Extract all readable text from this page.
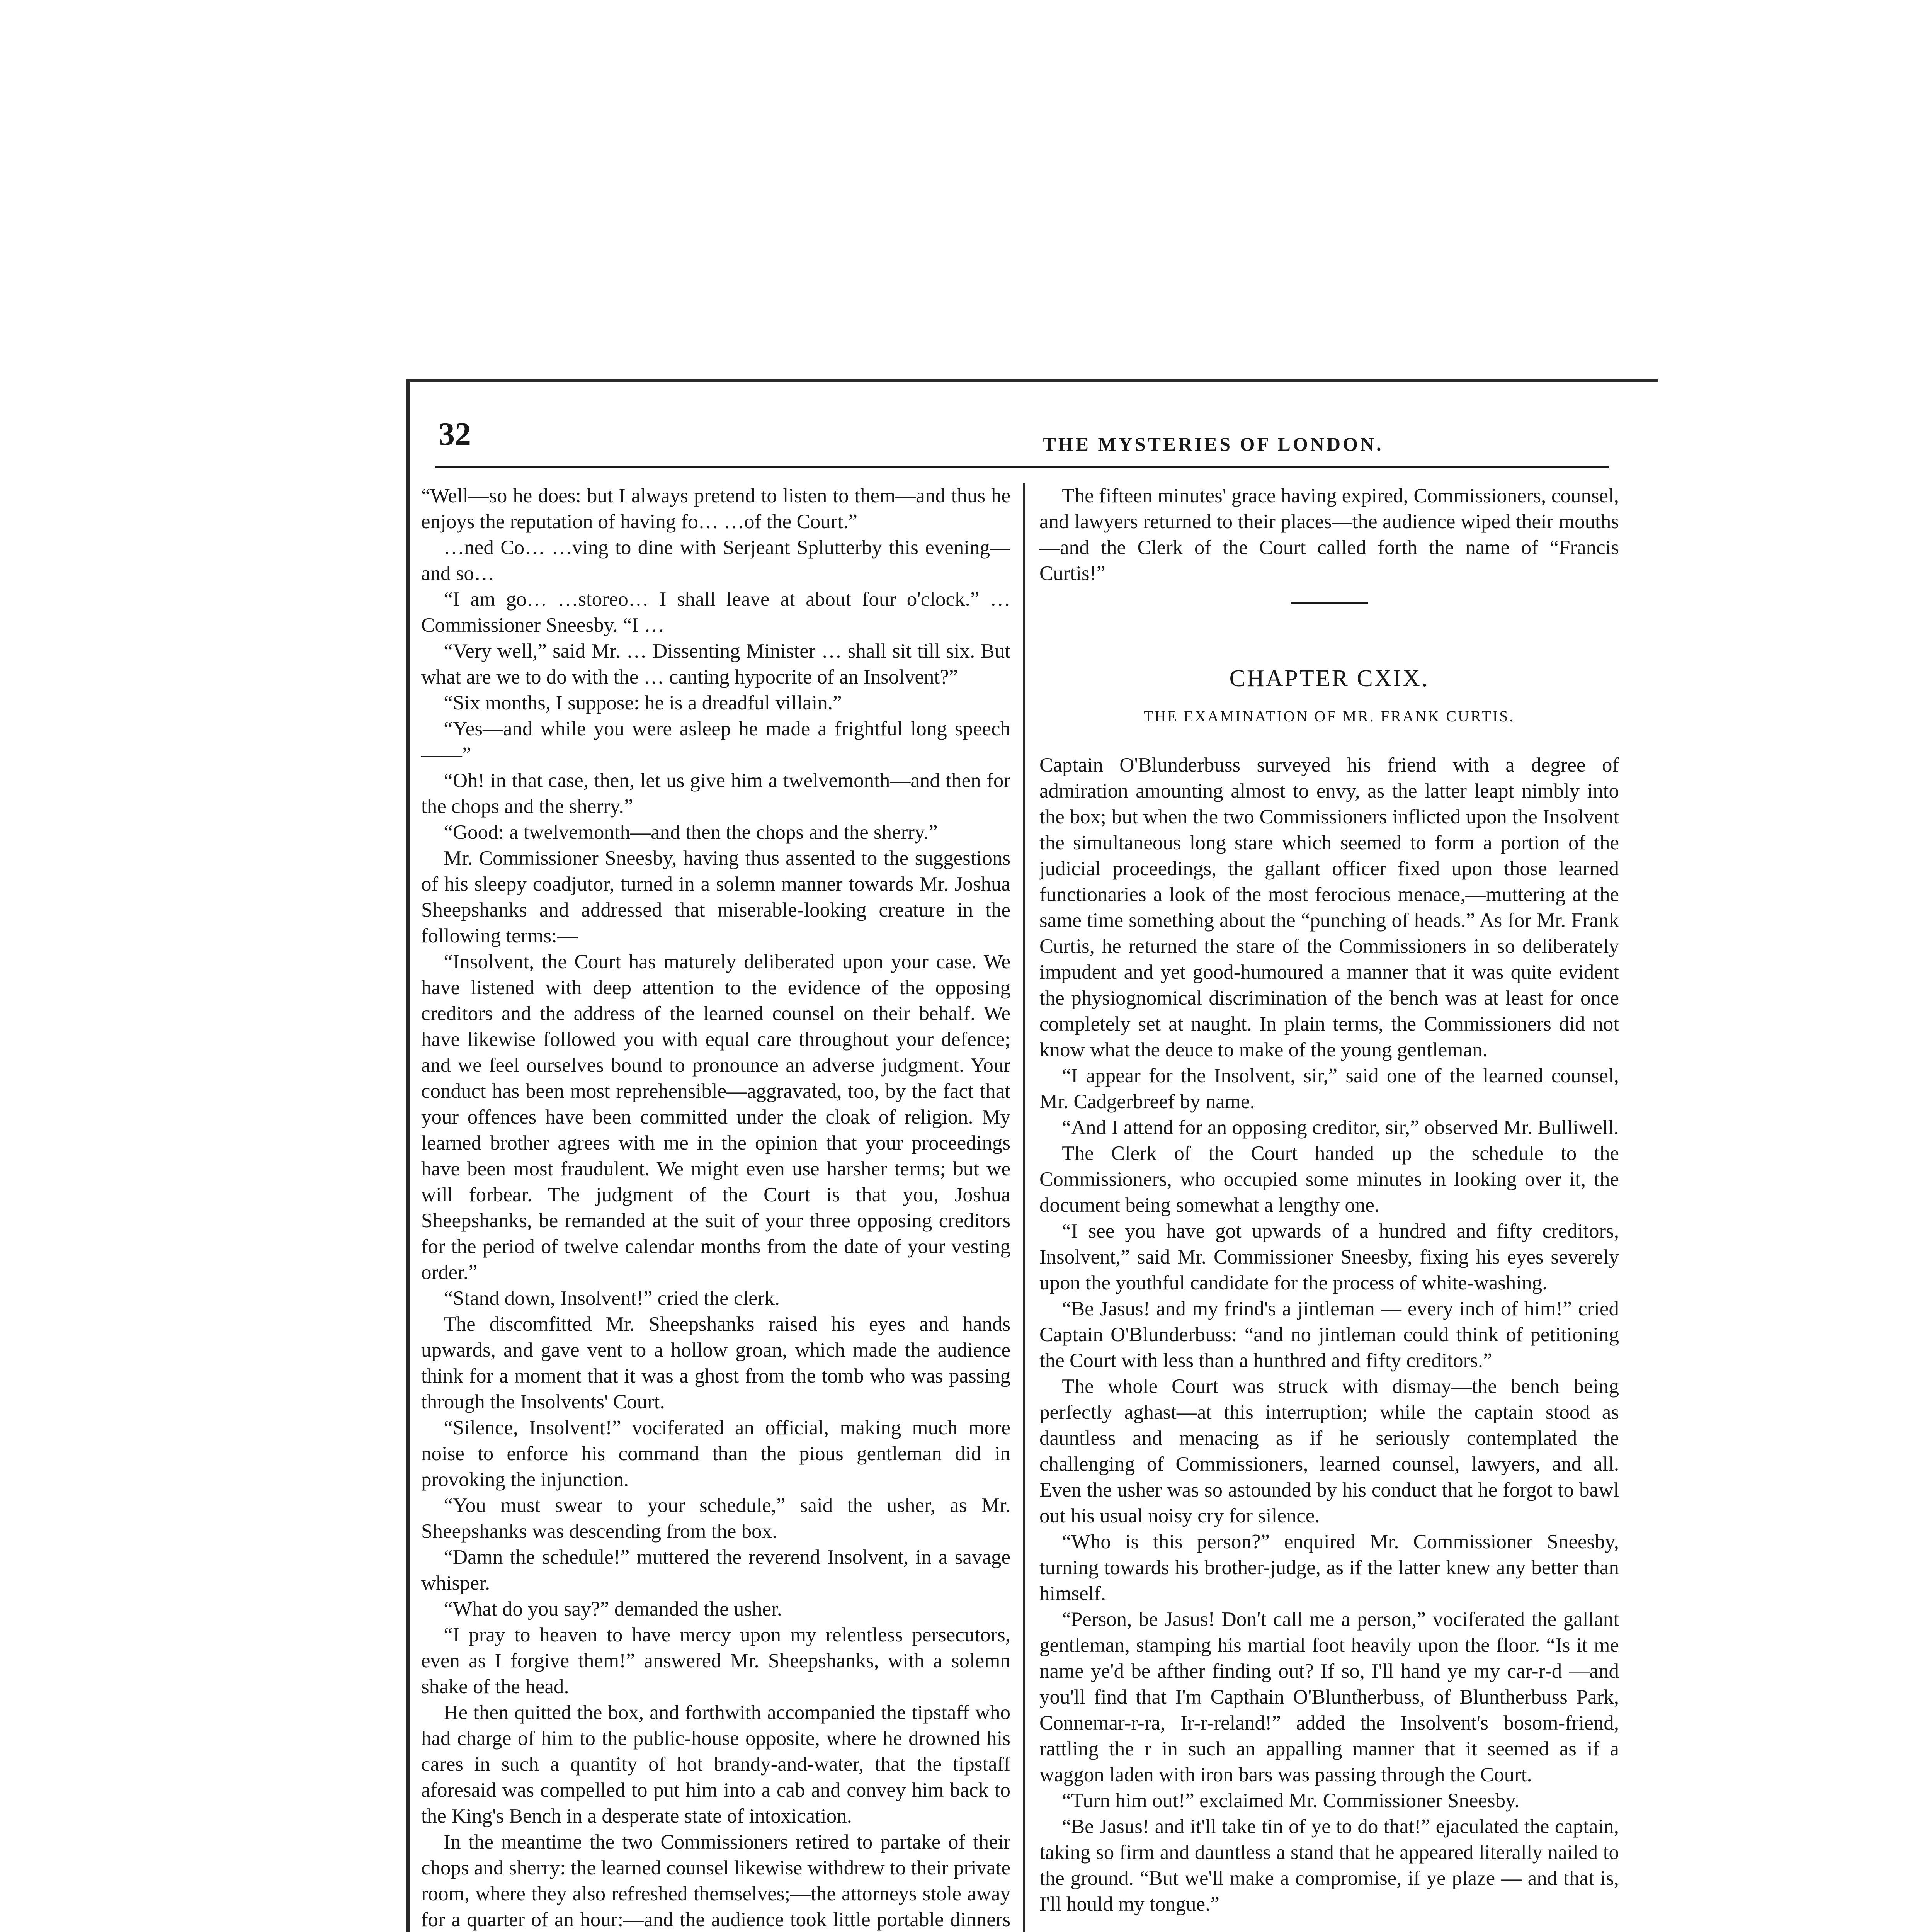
32	THE MYSTERIES OF LONDON.

“Well—so he does: but I always pretend to listen to them—and thus he enjoys the reputation of having fo… …of the Court.”

…ned Co… …ving to dine with Serjeant Splutterby this evening—and so…

“I am go… …storeo… I shall leave at about four o'clock.” …Commissioner Sneesby. “I …

“Very well,” said Mr. … Dissenting Minister … shall sit till six. But what are we to do with the … canting hypocrite of an Insolvent?”

“Six months, I suppose: he is a dreadful villain.”

“Yes—and while you were asleep he made a frightful long speech——”

“Oh! in that case, then, let us give him a twelvemonth—and then for the chops and the sherry.”

“Good: a twelvemonth—and then the chops and the sherry.”

Mr. Commissioner Sneesby, having thus assented to the suggestions of his sleepy coadjutor, turned in a solemn manner towards Mr. Joshua Sheepshanks and addressed that miserable-looking creature in the following terms:—

“Insolvent, the Court has maturely deliberated upon your case. We have listened with deep attention to the evidence of the opposing creditors and the address of the learned counsel on their behalf. We have likewise followed you with equal care throughout your defence; and we feel ourselves bound to pronounce an adverse judgment. Your conduct has been most reprehensible—aggravated, too, by the fact that your offences have been committed under the cloak of religion. My learned brother agrees with me in the opinion that your proceedings have been most fraudulent. We might even use harsher terms; but we will forbear. The judgment of the Court is that you, Joshua Sheepshanks, be remanded at the suit of your three opposing creditors for the period of twelve calendar months from the date of your vesting order.”

“Stand down, Insolvent!” cried the clerk.

The discomfitted Mr. Sheepshanks raised his eyes and hands upwards, and gave vent to a hollow groan, which made the audience think for a moment that it was a ghost from the tomb who was passing through the Insolvents' Court.

“Silence, Insolvent!” vociferated an official, making much more noise to enforce his command than the pious gentleman did in provoking the injunction.

“You must swear to your schedule,” said the usher, as Mr. Sheepshanks was descending from the box.

“Damn the schedule!” muttered the reverend Insolvent, in a savage whisper.

“What do you say?” demanded the usher.

“I pray to heaven to have mercy upon my relentless persecutors, even as I forgive them!” answered Mr. Sheepshanks, with a solemn shake of the head.

He then quitted the box, and forthwith accompanied the tipstaff who had charge of him to the public-house opposite, where he drowned his cares in such a quantity of hot brandy-and-water, that the tipstaff aforesaid was compelled to put him into a cab and convey him back to the King's Bench in a desperate state of intoxication.

In the meantime the two Commissioners retired to partake of their chops and sherry: the learned counsel likewise withdrew to their private room, where they also refreshed themselves;—the attorneys stole away for a quarter of an hour:—and the audience took little portable dinners

The fifteen minutes' grace having expired, Commissioners, counsel, and lawyers returned to their places—the audience wiped their mouths—and the Clerk of the Court called forth the name of “Francis Curtis!”

CHAPTER CXIX.
THE EXAMINATION OF MR. FRANK CURTIS.

Captain O'Blunderbuss surveyed his friend with a degree of admiration amounting almost to envy, as the latter leapt nimbly into the box; but when the two Commissioners inflicted upon the Insolvent the simultaneous long stare which seemed to form a portion of the judicial proceedings, the gallant officer fixed upon those learned functionaries a look of the most ferocious menace,—muttering at the same time something about the “punching of heads.” As for Mr. Frank Curtis, he returned the stare of the Commissioners in so deliberately impudent and yet good-humoured a manner that it was quite evident the physiognomical discrimination of the bench was at least for once completely set at naught. In plain terms, the Commissioners did not know what the deuce to make of the young gentleman.

“I appear for the Insolvent, sir,” said one of the learned counsel, Mr. Cadgerbreef by name.

“And I attend for an opposing creditor, sir,” observed Mr. Bulliwell.

The Clerk of the Court handed up the schedule to the Commissioners, who occupied some minutes in looking over it, the document being somewhat a lengthy one.

“I see you have got upwards of a hundred and fifty creditors, Insolvent,” said Mr. Commissioner Sneesby, fixing his eyes severely upon the youthful candidate for the process of white-washing.

“Be Jasus! and my frind's a jintleman — every inch of him!” cried Captain O'Blunderbuss: “and no jintleman could think of petitioning the Court with less than a hunthred and fifty creditors.”

The whole Court was struck with dismay—the bench being perfectly aghast—at this interruption; while the captain stood as dauntless and menacing as if he seriously contemplated the challenging of Commissioners, learned counsel, lawyers, and all. Even the usher was so astounded by his conduct that he forgot to bawl out his usual noisy cry for silence.

“Who is this person?” enquired Mr. Commissioner Sneesby, turning towards his brother-judge, as if the latter knew any better than himself.

“Person, be Jasus! Don't call me a person,” vociferated the gallant gentleman, stamping his martial foot heavily upon the floor. “Is it me name ye'd be afther finding out? If so, I'll hand ye my car-r-d —and you'll find that I'm Capthain O'Bluntherbuss, of Bluntherbuss Park, Connemar-r-ra, Ir-r-reland!” added the Insolvent's bosom-friend, rattling the r in such an appalling manner that it seemed as if a waggon laden with iron bars was passing through the Court.

“Turn him out!” exclaimed Mr. Commissioner Sneesby.

“Be Jasus! and it'll take tin of ye to do that!” ejaculated the captain, taking so firm and dauntless a stand that he appeared literally nailed to the ground. “But we'll make a compromise, if ye plaze — and that is, I'll hould my tongue.”
